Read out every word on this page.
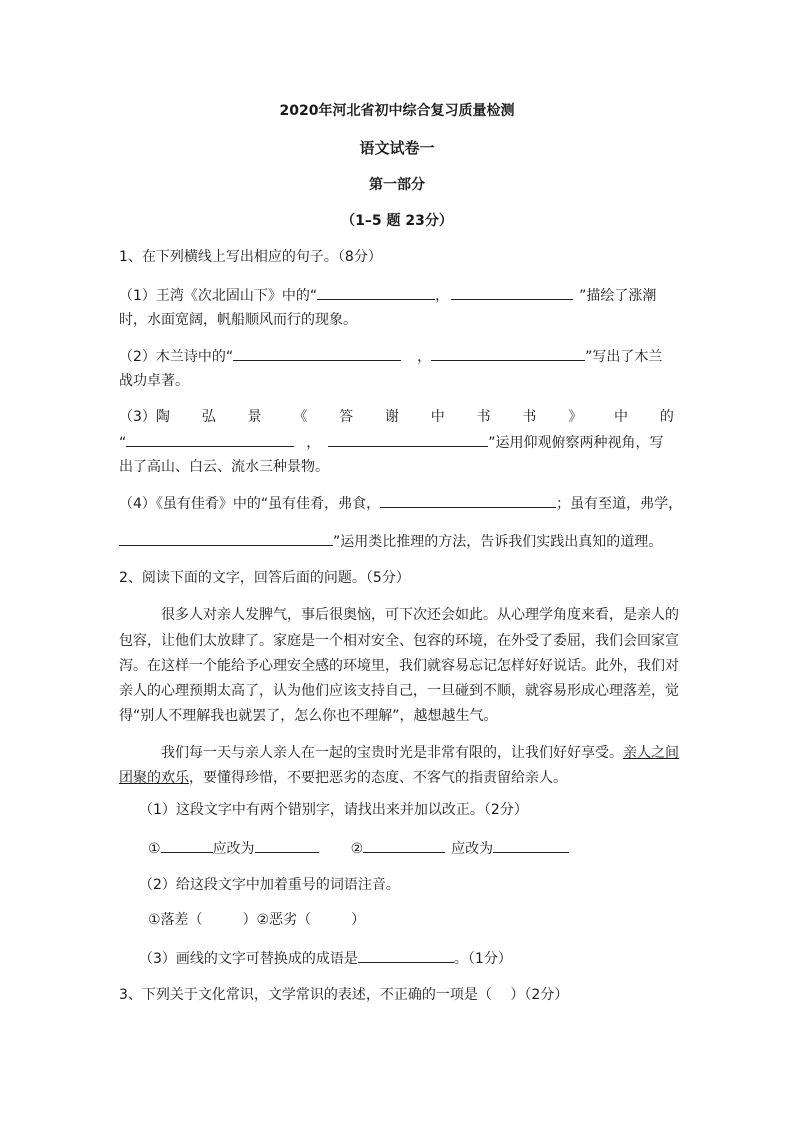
2020年河北省初中综合复习质量检测
语文试卷一
第一部分
（1–5 题 23分）
1、在下列横线上写出相应的句子。（8分）
（1）王湾《次北固山下》中的“	，	”描绘了涨潮
时，水面宽阔，帆船顺风而行的现象。
（2）木兰诗中的“	，	”写出了木兰
战功卓著。
（3）陶 弘 景 《 答 谢 中 书 书 》 中 的
“	，	”运用仰观俯察两种视角，写
出了高山、白云、流水三种景物。
（4）《虽有佳肴》中的“虽有佳肴，弗食，	；虽有至道，弗学，
”运用类比推理的方法，告诉我们实践出真知的道理。
2、阅读下面的文字，回答后面的问题。（5分）
很多人对亲人发脾气，事后很奥恼，可下次还会如此。从心理学角度来看，是亲人的
包容，让他们太放肆了。家庭是一个相对安全、包容的环境，在外受了委屈，我们会回家宣
泻。在这样一个能给予心理安全感的环境里，我们就容易忘记怎样好好说话。此外，我们对
亲人的心理预期太高了，认为他们应该支持自己，一旦碰到不顺，就容易形成心理落差，觉
得“别人不理解我也就罢了，怎么你也不理解”，越想越生气。
我们每一天与亲人亲人在一起的宝贵时光是非常有限的，让我们好好享受。亲人之间
团聚的欢乐，要懂得珍惜，不要把恶劣的态度、不客气的指责留给亲人。
（1）这段文字中有两个错别字，请找出来并加以改正。（2分）
①	应改为	②	应改为
（2）给这段文字中加着重号的词语注音。
①落差（	）②恶劣（	）
（3）画线的文字可替换成的成语是	。（1分）
3、下列关于文化常识，文学常识的表述，不正确的一项是（　 ）（2分）
